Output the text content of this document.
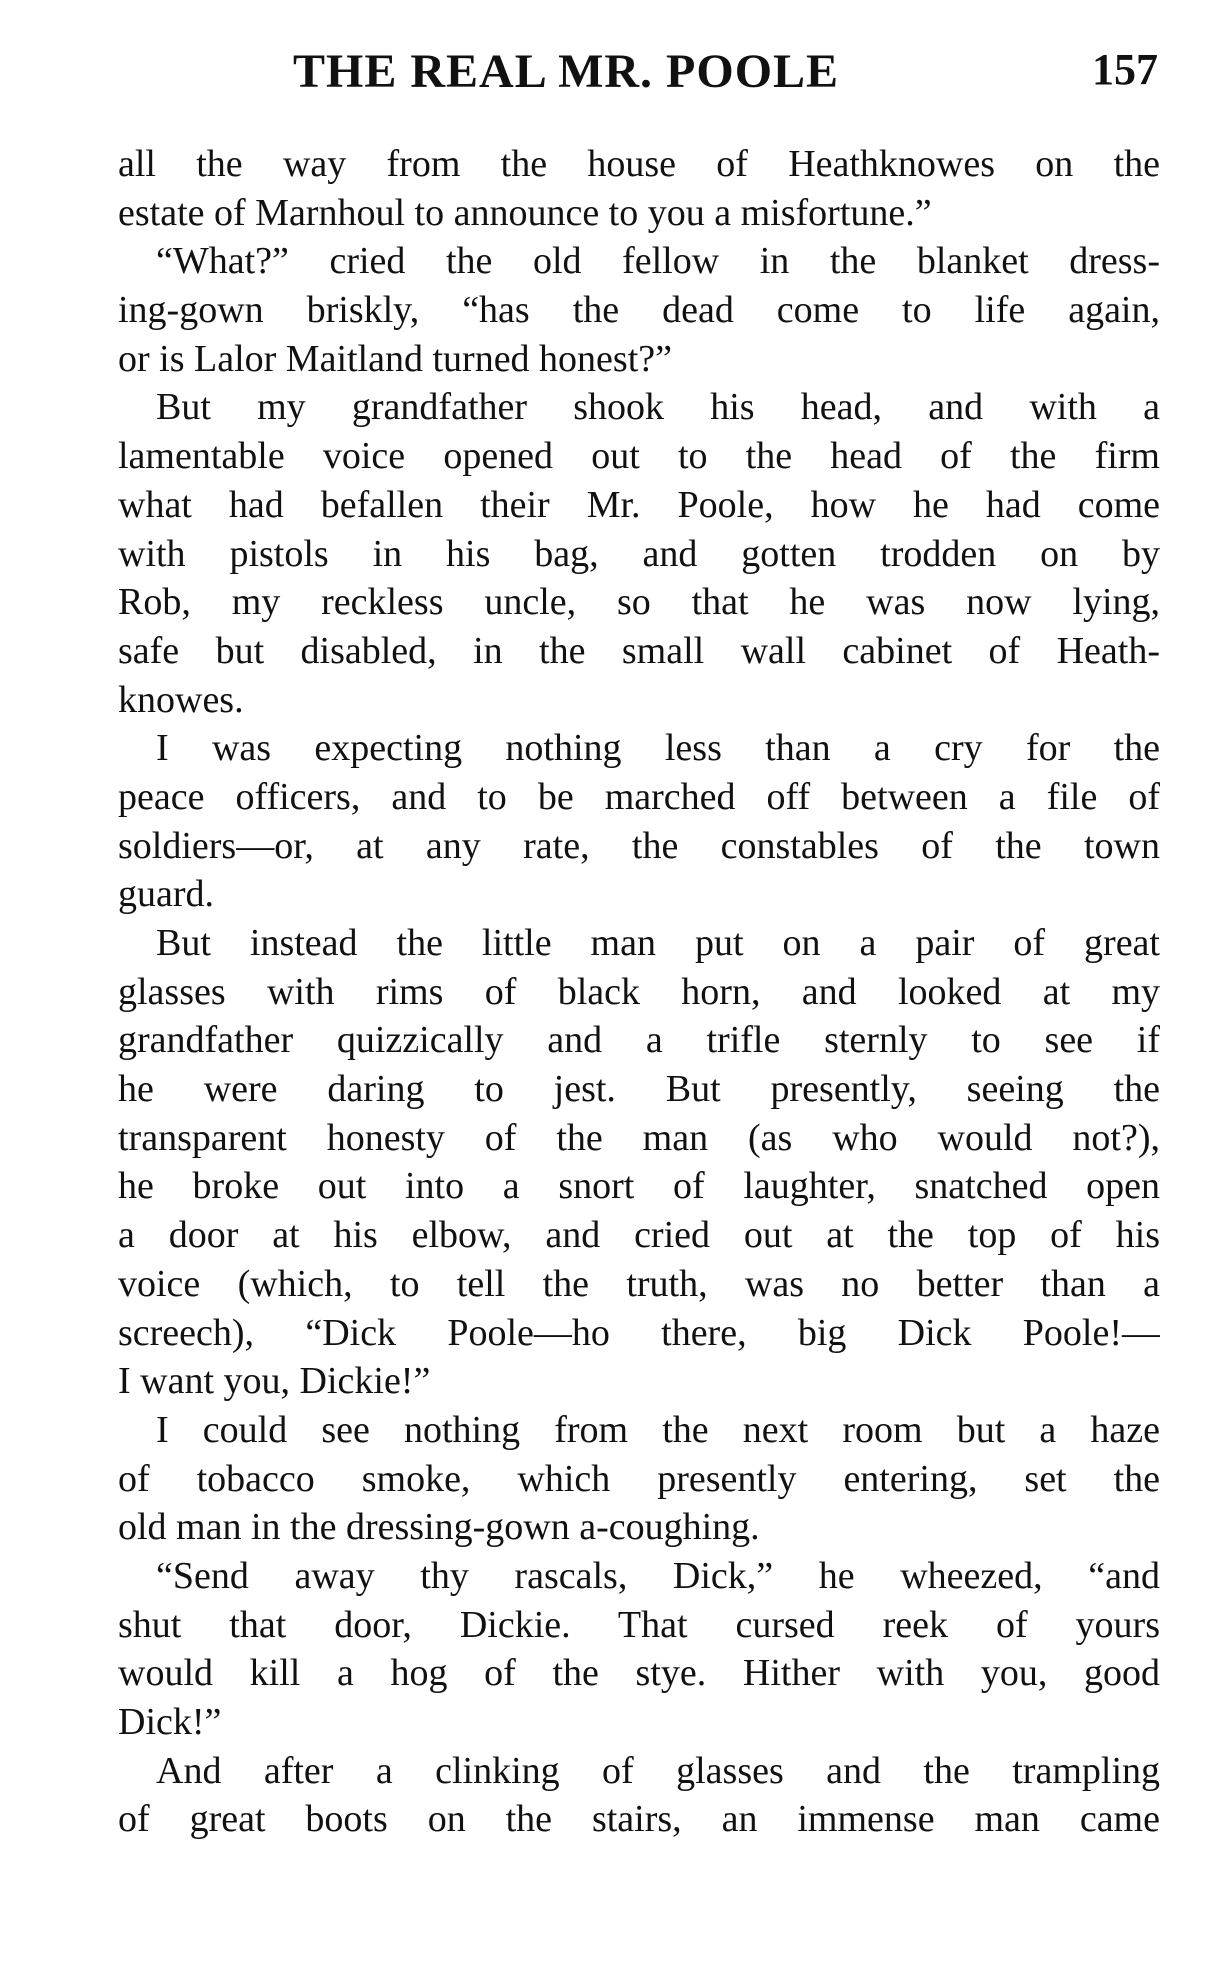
THE REAL MR. POOLE	157
all the way from the house of Heathknowes on the
estate of Marnhoul to announce to you a misfortune.”
“What?” cried the old fellow in the blanket dress-
ing-gown briskly, “has the dead come to life again,
or is Lalor Maitland turned honest?”
But my grandfather shook his head, and with a
lamentable voice opened out to the head of the firm
what had befallen their Mr. Poole, how he had come
with pistols in his bag, and gotten trodden on by
Rob, my reckless uncle, so that he was now lying,
safe but disabled, in the small wall cabinet of Heath-
knowes.
I was expecting nothing less than a cry for the
peace officers, and to be marched off between a file of
soldiers—or, at any rate, the constables of the town
guard.
But instead the little man put on a pair of great
glasses with rims of black horn, and looked at my
grandfather quizzically and a trifle sternly to see if
he were daring to jest. But presently, seeing the
transparent honesty of the man (as who would not?),
he broke out into a snort of laughter, snatched open
a door at his elbow, and cried out at the top of his
voice (which, to tell the truth, was no better than a
screech), “Dick Poole—ho there, big Dick Poole!—
I want you, Dickie!”
I could see nothing from the next room but a haze
of tobacco smoke, which presently entering, set the
old man in the dressing-gown a-coughing.
“Send away thy rascals, Dick,” he wheezed, “and
shut that door, Dickie. That cursed reek of yours
would kill a hog of the stye. Hither with you, good
Dick!”
And after a clinking of glasses and the trampling
of great boots on the stairs, an immense man came
